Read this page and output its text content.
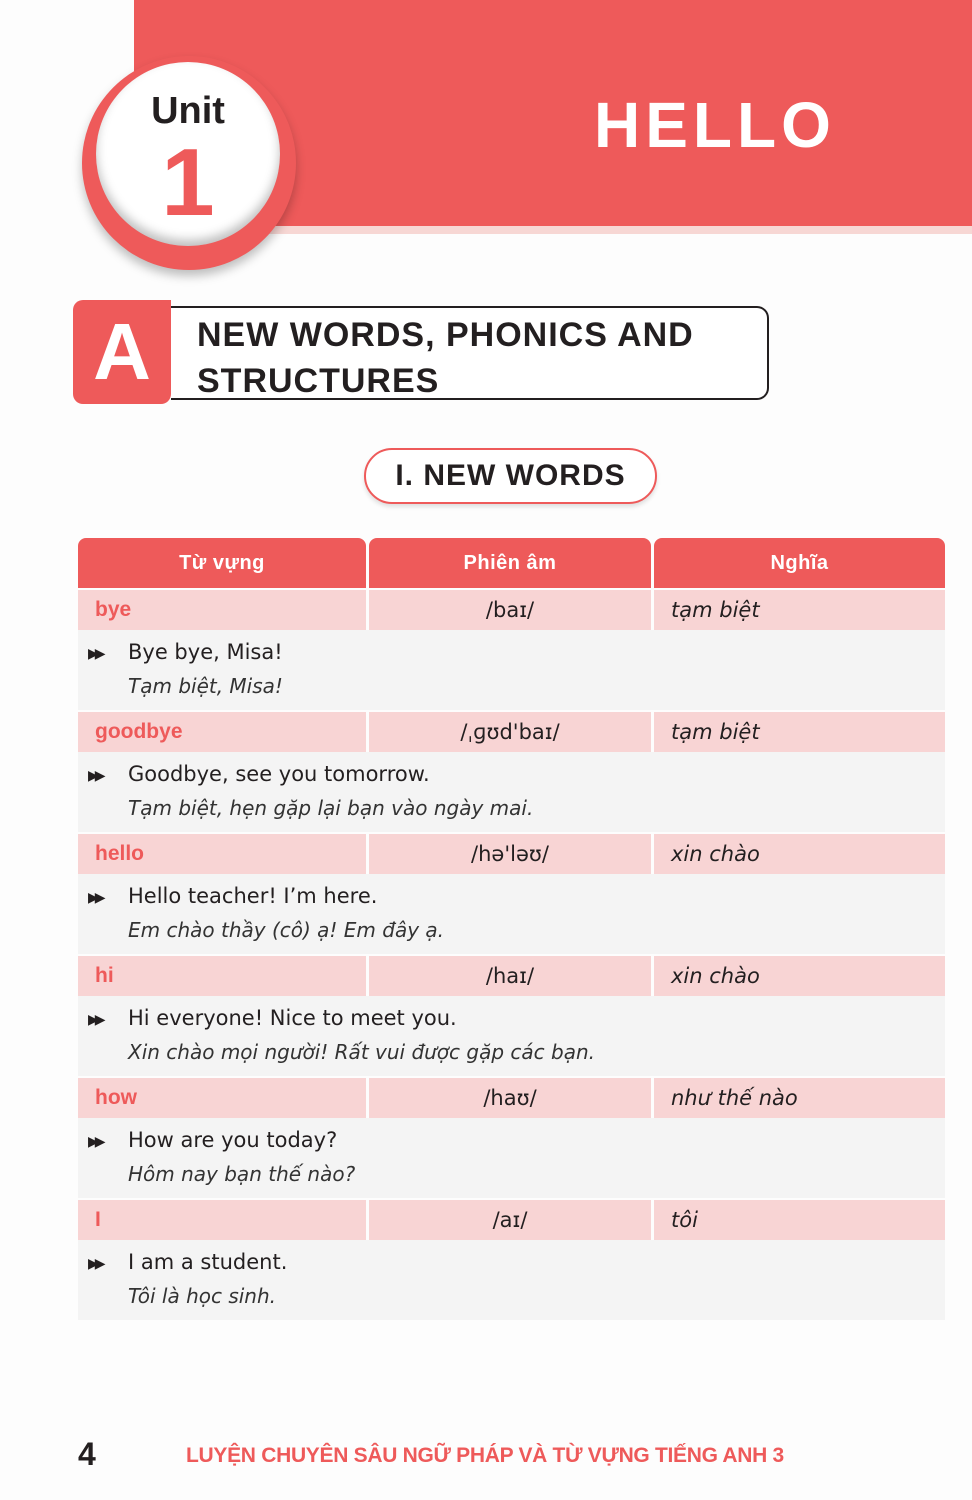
HELLO
Unit
1
A	NEW WORDS, PHONICS AND
STRUCTURES
I. NEW WORDS
Từ vựng	Phiên âm	Nghĩa
bye	/baɪ/	tạm biệt
▶▶ Bye bye, Misa!
Tạm biệt, Misa!
goodbye	/ˌɡʊd'baɪ/	tạm biệt
▶▶ Goodbye, see you tomorrow.
Tạm biệt, hẹn gặp lại bạn vào ngày mai.
hello	/hə'ləʊ/	xin chào
▶▶ Hello teacher! I’m here.
Em chào thầy (cô) ạ! Em đây ạ.
hi	/haɪ/	xin chào
▶▶ Hi everyone! Nice to meet you.
Xin chào mọi người! Rất vui được gặp các bạn.
how	/haʊ/	như thế nào
▶▶ How are you today?
Hôm nay bạn thế nào?
I	/aɪ/	tôi
▶▶ I am a student.
Tôi là học sinh.
4	LUYỆN CHUYÊN SÂU NGỮ PHÁP VÀ TỪ VỰNG TIẾNG ANH 3
